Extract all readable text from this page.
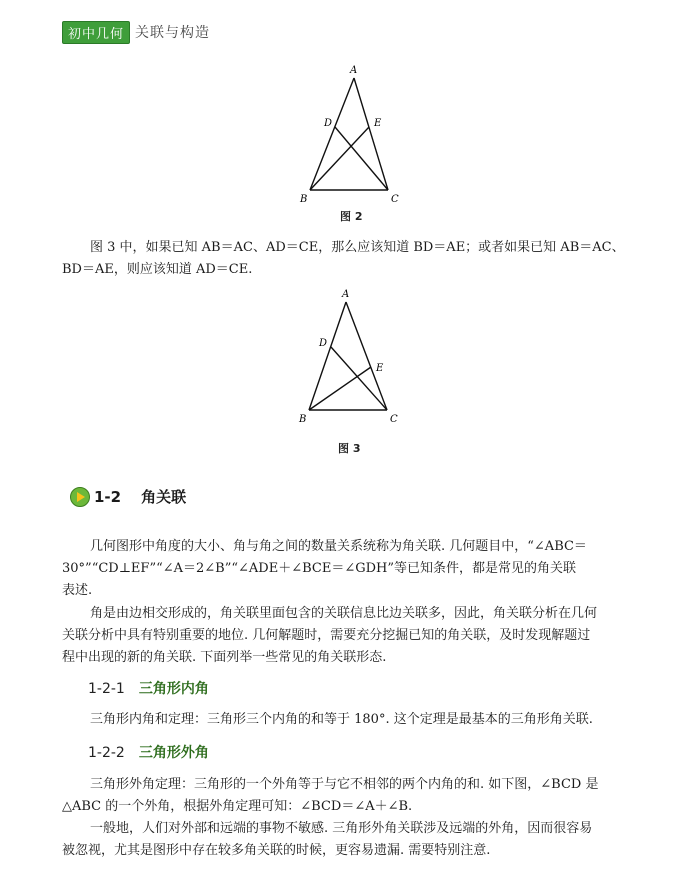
初中几何 关联与构造
A
D	E
B	C
图 2
图 3 中，如果已知 AB＝AC、AD＝CE，那么应该知道 BD＝AE；或者如果已知 AB＝AC、
BD＝AE，则应该知道 AD＝CE.
A
D
E
B	C
图 3
1-2 角关联
几何图形中角度的大小、角与角之间的数量关系统称为角关联. 几何题目中，“∠ABC＝
30°”“CD⊥EF”“∠A＝2∠B”“∠ADE＋∠BCE＝∠GDH”等已知条件，都是常见的角关联
表述.
角是由边相交形成的，角关联里面包含的关联信息比边关联多，因此，角关联分析在几何
关联分析中具有特别重要的地位. 几何解题时，需要充分挖掘已知的角关联，及时发现解题过
程中出现的新的角关联. 下面列举一些常见的角关联形态.
1-2-1 三角形内角
三角形内角和定理：三角形三个内角的和等于 180°. 这个定理是最基本的三角形角关联.
1-2-2 三角形外角
三角形外角定理：三角形的一个外角等于与它不相邻的两个内角的和. 如下图，∠BCD 是
△ABC 的一个外角，根据外角定理可知：∠BCD＝∠A＋∠B.
一般地，人们对外部和远端的事物不敏感. 三角形外角关联涉及远端的外角，因而很容易
被忽视，尤其是图形中存在较多角关联的时候，更容易遗漏. 需要特别注意.
